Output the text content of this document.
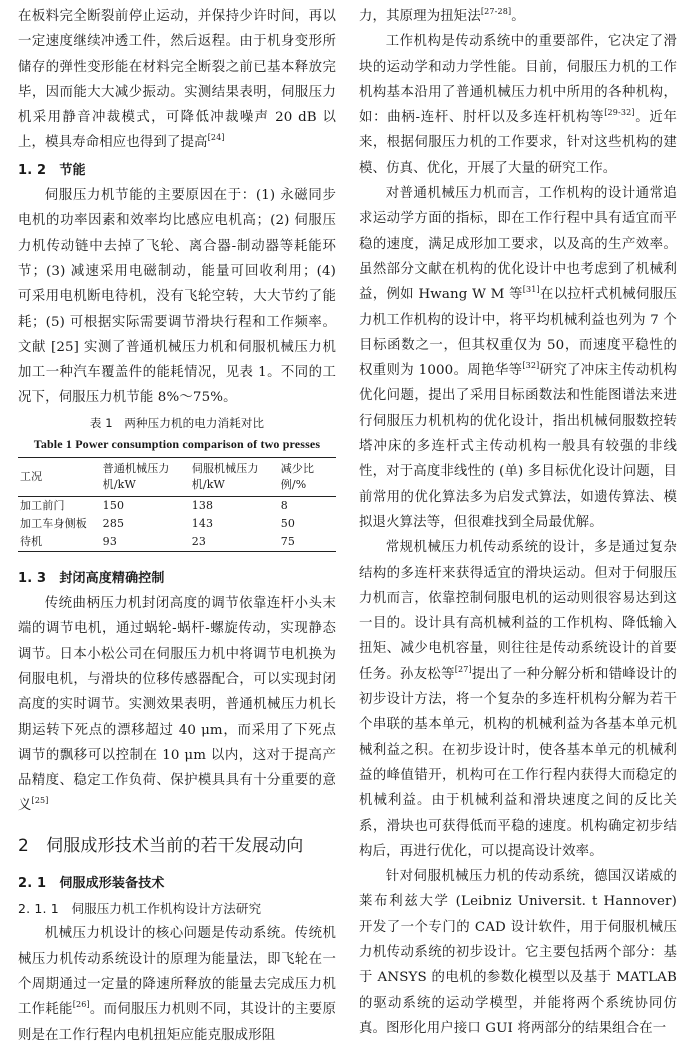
在板料完全断裂前停止运动，并保持少许时间，再以一定速度继续冲透工件，然后返程。由于机身变形所储存的弹性变形能在材料完全断裂之前已基本释放完毕，因而能大大减少振动。实测结果表明，伺服压力机采用静音冲裁模式，可降低冲裁噪声 20 dB 以上，模具寿命相应也得到了提高[24]

1. 2  节能

伺服压力机节能的主要原因在于：(1) 永磁同步电机的功率因素和效率均比感应电机高；(2) 伺服压力机传动链中去掉了飞轮、离合器-制动器等耗能环节；(3) 减速采用电磁制动，能量可回收利用；(4) 可采用电机断电待机，没有飞轮空转，大大节约了能耗；(5) 可根据实际需要调节滑块行程和工作频率。文献 [25] 实测了普通机械压力机和伺服机械压力机加工一种汽车覆盖件的能耗情况，见表 1。不同的工况下，伺服压力机节能 8%～75%。

表 1　两种压力机的电力消耗对比
Table 1 Power consumption comparison of two presses
工况	普通机械压力机/kW	伺服机械压力机/kW	减少比例/%
加工前门	150	138	8
加工车身侧板	285	143	50
待机	93	23	75
1. 3  封闭高度精确控制

传统曲柄压力机封闭高度的调节依靠连杆小头末端的调节电机，通过蜗轮-蜗杆-螺旋传动，实现静态调节。日本小松公司在伺服压力机中将调节电机换为伺服电机，与滑块的位移传感器配合，可以实现封闭高度的实时调节。实测效果表明，普通机械压力机长期运转下死点的漂移超过 40 μm，而采用了下死点调节的飘移可以控制在 10 μm 以内，这对于提高产品精度、稳定工作负荷、保护模具具有十分重要的意义[25]

2  伺服成形技术当前的若干发展动向
2. 1  伺服成形装备技术
2. 1. 1  伺服压力机工作机构设计方法研究

机械压力机设计的核心问题是传动系统。传统机械压力机传动系统设计的原理为能量法，即飞轮在一个周期通过一定量的降速所释放的能量去完成压力机工作耗能[26]。而伺服压力机则不同，其设计的主要原则是在工作行程内电机扭矩应能克服成形阻

力，其原理为扭矩法[27-28]。

工作机构是传动系统中的重要部件，它决定了滑块的运动学和动力学性能。目前，伺服压力机的工作机构基本沿用了普通机械压力机中所用的各种机构，如：曲柄-连杆、肘杆以及多连杆机构等[29-32]。近年来，根据伺服压力机的工作要求，针对这些机构的建模、仿真、优化，开展了大量的研究工作。

对普通机械压力机而言，工作机构的设计通常追求运动学方面的指标，即在工作行程中具有适宜而平稳的速度，满足成形加工要求，以及高的生产效率。虽然部分文献在机构的优化设计中也考虑到了机械利益，例如 Hwang W M 等[31]在以拉杆式机械伺服压力机工作机构的设计中，将平均机械利益也列为 7 个目标函数之一，但其权重仅为 50，而速度平稳性的权重则为 1000。周艳华等[32]研究了冲床主传动机构优化问题，提出了采用目标函数法和性能图谱法来进行伺服压力机机构的优化设计，指出机械伺服数控转塔冲床的多连杆式主传动机构一般具有较强的非线性，对于高度非线性的 (单) 多目标优化设计问题，目前常用的优化算法多为启发式算法，如遗传算法、模拟退火算法等，但很难找到全局最优解。

常规机械压力机传动系统的设计，多是通过复杂结构的多连杆来获得适宜的滑块运动。但对于伺服压力机而言，依靠控制伺服电机的运动则很容易达到这一目的。设计具有高机械利益的工作机构、降低输入扭矩、减少电机容量，则往往是传动系统设计的首要任务。孙友松等[27]提出了一种分解分析和错峰设计的初步设计方法，将一个复杂的多连杆机构分解为若干个串联的基本单元，机构的机械利益为各基本单元机械利益之积。在初步设计时，使各基本单元的机械利益的峰值错开，机构可在工作行程内获得大而稳定的机械利益。由于机械利益和滑块速度之间的反比关系，滑块也可获得低而平稳的速度。机构确定初步结构后，再进行优化，可以提高设计效率。

针对伺服机械压力机的传动系统，德国汉诺威的莱布利兹大学 (Leibniz Universit. t Hannover) 开发了一个专门的 CAD 设计软件，用于伺服机械压力机传动系统的初步设计。它主要包括两个部分：基于 ANSYS 的电机的参数化模型以及基于 MATLAB 的驱动系统的运动学模型，并能将两个系统协同仿真。图形化用户接口 GUI 将两部分的结果组合在一
